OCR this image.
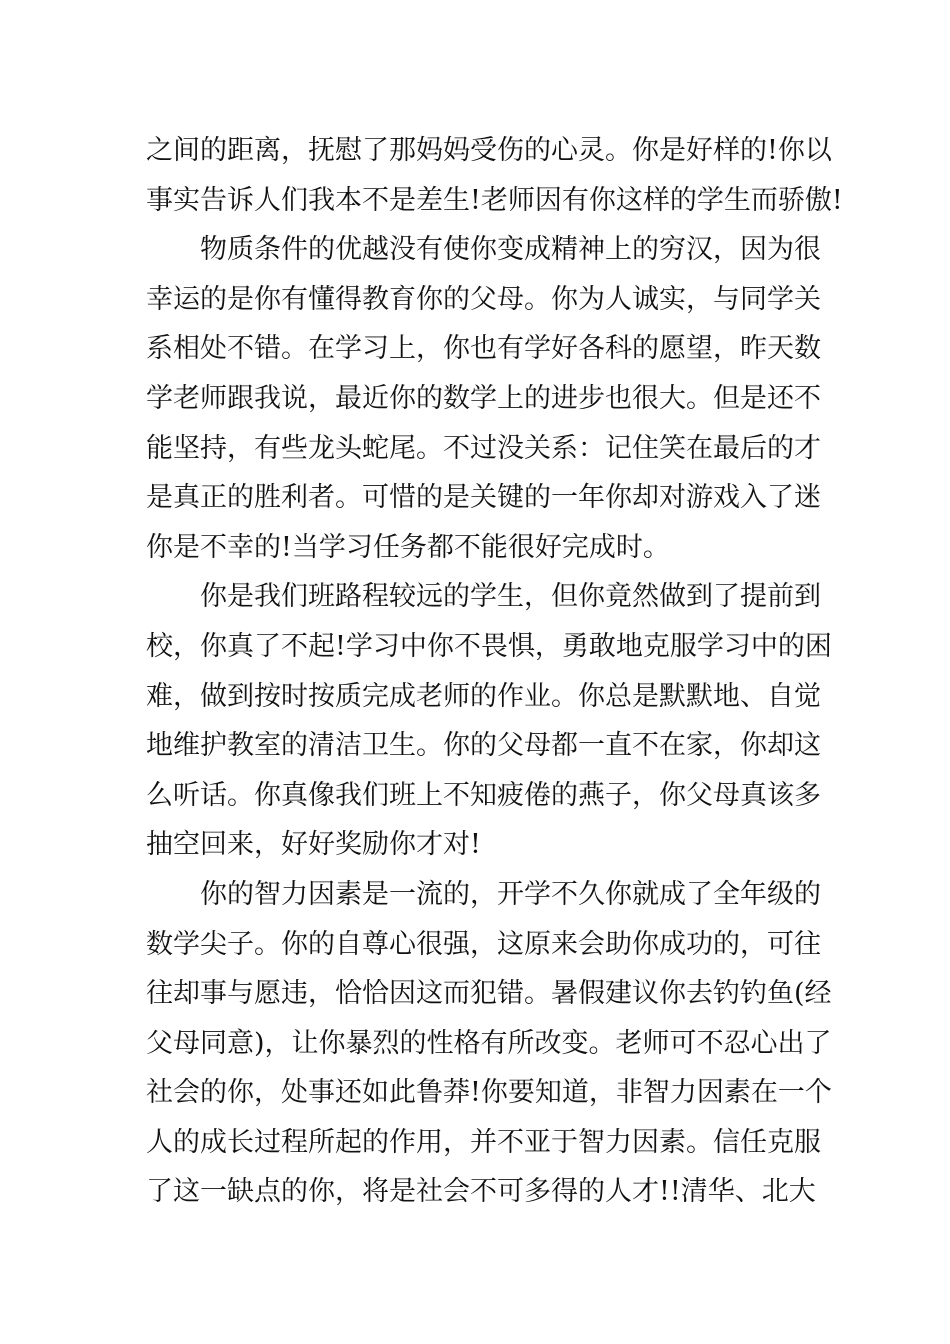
之间的距离，抚慰了那妈妈受伤的心灵。你是好样的!你以
事实告诉人们我本不是差生!老师因有你这样的学生而骄傲!
物质条件的优越没有使你变成精神上的穷汉，因为很
幸运的是你有懂得教育你的父母。你为人诚实，与同学关
系相处不错。在学习上，你也有学好各科的愿望，昨天数
学老师跟我说，最近你的数学上的进步也很大。但是还不
能坚持，有些龙头蛇尾。不过没关系：记住笑在最后的才
是真正的胜利者。可惜的是关键的一年你却对游戏入了迷
你是不幸的!当学习任务都不能很好完成时。
你是我们班路程较远的学生，但你竟然做到了提前到
校，你真了不起!学习中你不畏惧，勇敢地克服学习中的困
难，做到按时按质完成老师的作业。你总是默默地、自觉
地维护教室的清洁卫生。你的父母都一直不在家，你却这
么听话。你真像我们班上不知疲倦的燕子，你父母真该多
抽空回来，好好奖励你才对!
你的智力因素是一流的，开学不久你就成了全年级的
数学尖子。你的自尊心很强，这原来会助你成功的，可往
往却事与愿违，恰恰因这而犯错。暑假建议你去钓钓鱼(经
父母同意)，让你暴烈的性格有所改变。老师可不忍心出了
社会的你，处事还如此鲁莽!你要知道，非智力因素在一个
人的成长过程所起的作用，并不亚于智力因素。信任克服
了这一缺点的你，将是社会不可多得的人才!!清华、北大
